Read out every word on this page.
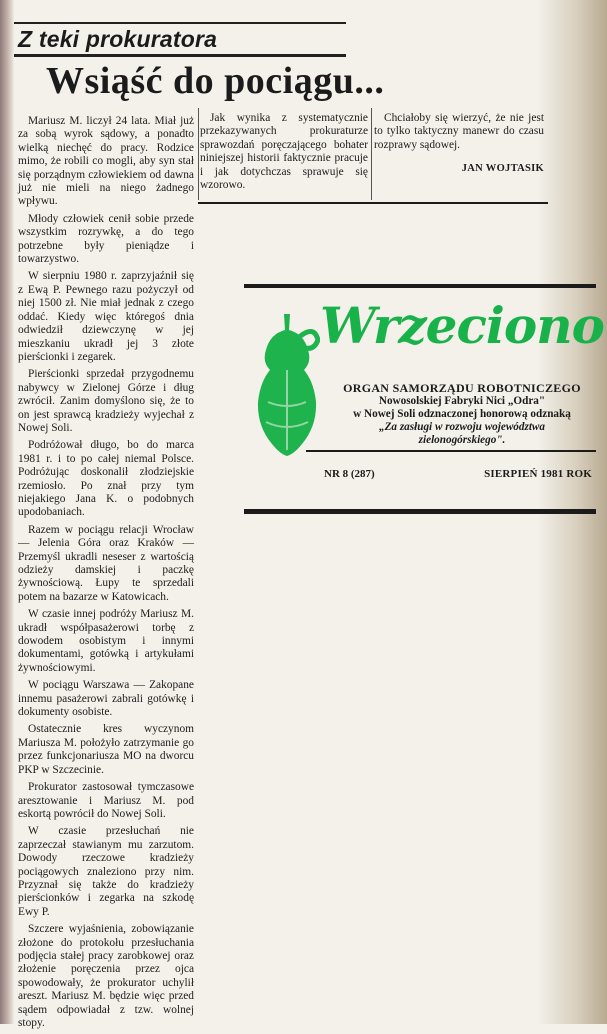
Z teki prokuratora
Wsiąść do pociągu...

Mariusz M. liczył 24 lata. Miał już za sobą wyrok sądowy, a ponadto wielką niechęć do pracy. Rodzice mimo, że robili co mogli, aby syn stał się porządnym człowiekiem od dawna już nie mieli na niego żadnego wpływu.

Młody człowiek cenił sobie przede wszystkim rozrywkę, a do tego potrzebne były pieniądze i towarzystwo.

W sierpniu 1980 r. zaprzyjaźnił się z Ewą P. Pewnego razu pożyczył od niej 1500 zł. Nie miał jednak z czego oddać. Kiedy więc któregoś dnia odwiedził dziewczynę w jej mieszkaniu ukradł jej 3 złote pierścionki i zegarek.

Pierścionki sprzedał przygodnemu nabywcy w Zielonej Górze i dług zwrócił. Zanim domyślono się, że to on jest sprawcą kradzieży wyjechał z Nowej Soli.

Podróżował długo, bo do marca 1981 r. i to po całej niemal Polsce. Podróżując doskonalił złodziejskie rzemiosło. Po znał przy tym niejakiego Jana K. o podobnych upodobaniach.

Razem w pociągu relacji Wrocław — Jelenia Góra oraz Kraków — Przemyśl ukradli neseser z wartością odzieży damskiej i paczkę żywnościową. Łupy te sprzedali potem na bazarze w Katowicach.

W czasie innej podróży Mariusz M. ukradł współpasażerowi torbę z dowodem osobistym i innymi dokumentami, gotówką i artykułami żywnościowymi.

W pociągu Warszawa — Zakopane innemu pasażerowi zabrali gotówkę i dokumenty osobiste.

Ostatecznie kres wyczynom Mariusza M. położyło zatrzymanie go przez funkcjonariusza MO na dworcu PKP w Szczecinie.

Prokurator zastosował tymczasowe aresztowanie i Mariusz M. pod eskortą powrócił do Nowej Soli.

W czasie przesłuchań nie zaprzeczał stawianym mu zarzutom. Dowody rzeczowe kradzieży pociągowych znaleziono przy nim. Przyznał się także do kradzieży pierścionków i zegarka na szkodę Ewy P.

Szczere wyjaśnienia, zobowiązanie złożone do protokołu przesłuchania podjęcia stałej pracy zarobkowej oraz złożenie poręczenia przez ojca spowodowały, że prokurator uchylił areszt. Mariusz M. będzie więc przed sądem odpowiadał z tzw. wolnej stopy.

Jak wynika z systematycznie przekazywanych prokuraturze sprawozdań poręczającego bohater niniejszej historii faktycznie pracuje i jak dotychczas sprawuje się wzorowo.

Chciałoby się wierzyć, że nie jest to tylko taktyczny manewr do czasu rozprawy sądowej.

JAN WOJTASIK
Wrzeciono
ORGAN SAMORZĄDU ROBOTNICZEGO
Nowosolskiej Fabryki Nici „Odra"
w Nowej Soli odznaczonej honorową odznaką
„Za zasługi w rozwoju województwa
zielonogórskiego".
NR 8 (287)	SIERPIEŃ 1981 ROK
